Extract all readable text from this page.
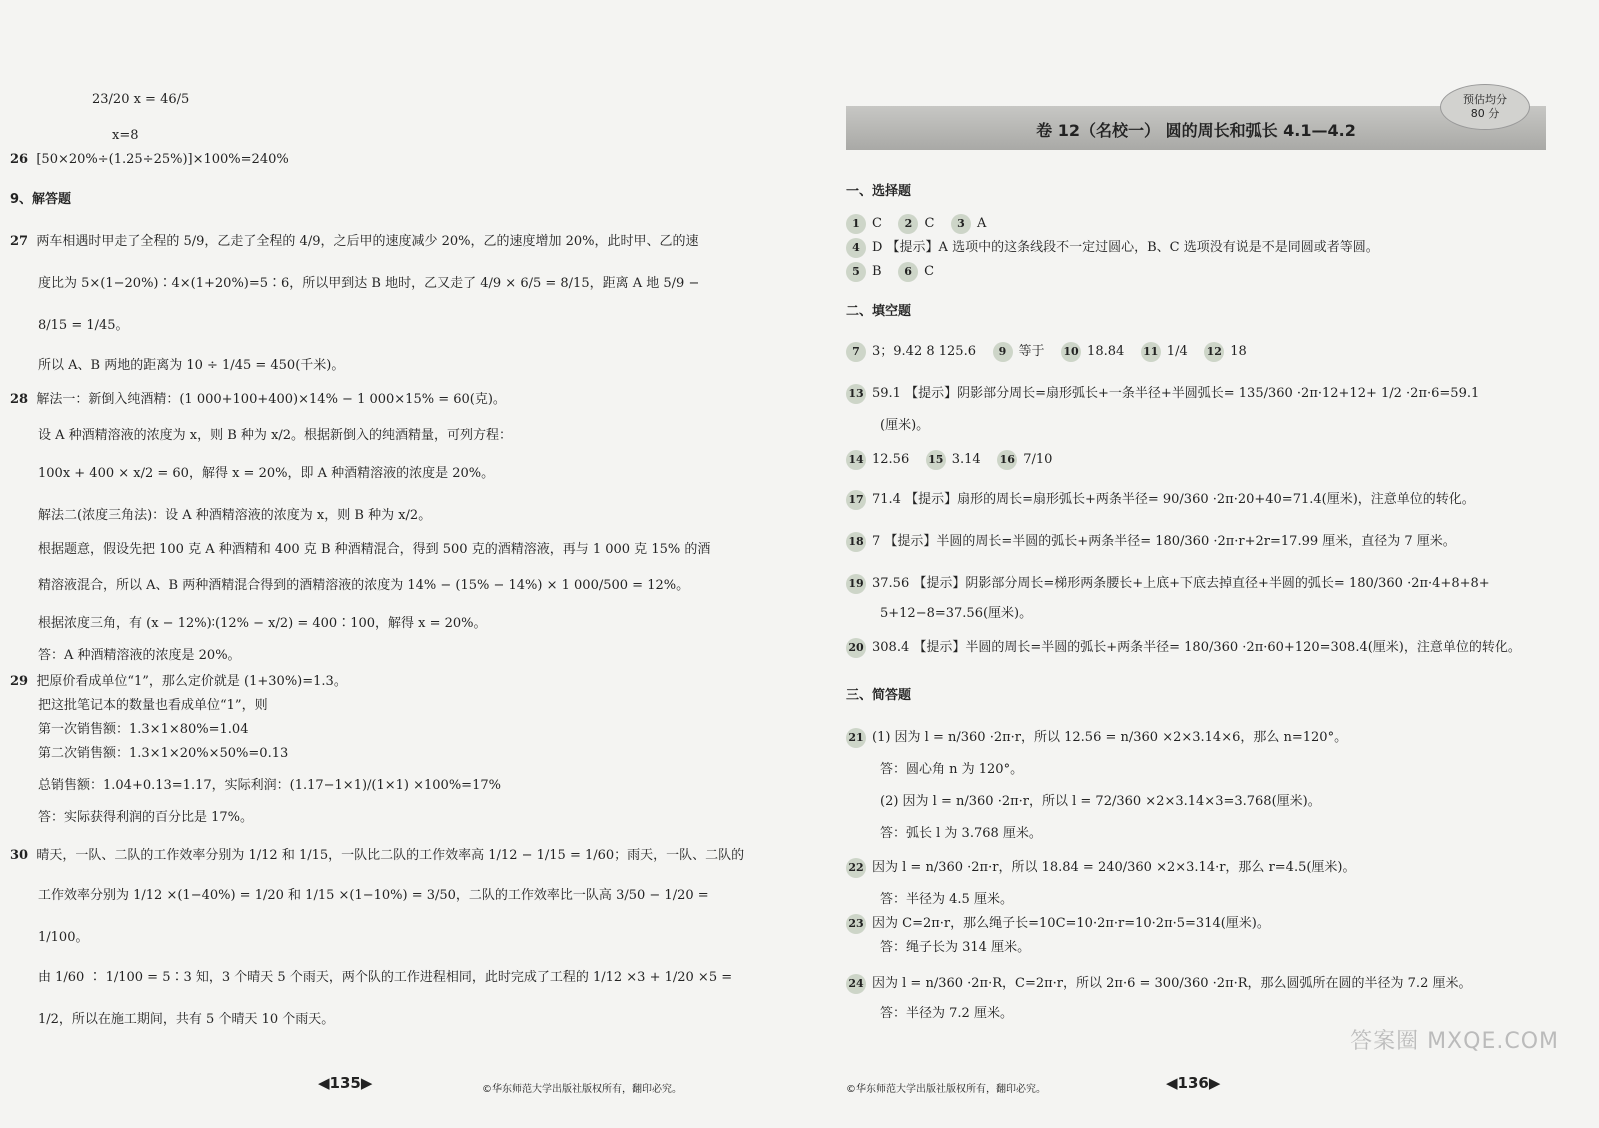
23/20 x = 46/5
x=8
26 [50×20%÷(1.25÷25%)]×100%=240%
9、解答题
27 两车相遇时甲走了全程的 5/9，乙走了全程的 4/9，之后甲的速度减少 20%，乙的速度增加 20%，此时甲、乙的速
度比为 5×(1−20%)∶4×(1+20%)=5∶6，所以甲到达 B 地时，乙又走了 4/9 × 6/5 = 8/15，距离 A 地 5/9 −
8/15 = 1/45。
所以 A、B 两地的距离为 10 ÷ 1/45 = 450(千米)。
28 解法一：新倒入纯酒精：(1 000+100+400)×14% − 1 000×15% = 60(克)。
设 A 种酒精溶液的浓度为 x，则 B 种为 x/2。根据新倒入的纯酒精量，可列方程：
100x + 400 × x/2 = 60，解得 x = 20%，即 A 种酒精溶液的浓度是 20%。
解法二(浓度三角法)：设 A 种酒精溶液的浓度为 x，则 B 种为 x/2。
根据题意，假设先把 100 克 A 种酒精和 400 克 B 种酒精混合，得到 500 克的酒精溶液，再与 1 000 克 15% 的酒
精溶液混合，所以 A、B 两种酒精混合得到的酒精溶液的浓度为 14% − (15% − 14%) × 1 000/500 = 12%。
根据浓度三角，有 (x − 12%)∶(12% − x/2) = 400∶100，解得 x = 20%。
答：A 种酒精溶液的浓度是 20%。
29 把原价看成单位“1”，那么定价就是 (1+30%)=1.3。
把这批笔记本的数量也看成单位“1”，则
第一次销售额：1.3×1×80%=1.04
第二次销售额：1.3×1×20%×50%=0.13
总销售额：1.04+0.13=1.17，实际利润：(1.17−1×1)/(1×1) ×100%=17%
答：实际获得利润的百分比是 17%。
30 晴天，一队、二队的工作效率分别为 1/12 和 1/15，一队比二队的工作效率高 1/12 − 1/15 = 1/60；雨天，一队、二队的
工作效率分别为 1/12 ×(1−40%) = 1/20 和 1/15 ×(1−10%) = 3/50，二队的工作效率比一队高 3/50 − 1/20 =
1/100。
由 1/60 ∶ 1/100 = 5∶3 知，3 个晴天 5 个雨天，两个队的工作进程相同，此时完成了工程的 1/12 ×3 + 1/20 ×5 =
1/2，所以在施工期间，共有 5 个晴天 10 个雨天。
◀135▶	©华东师范大学出版社版权所有，翻印必究。
卷 12（名校一） 圆的周长和弧长 4.1—4.2
预估均分
80 分
一、选择题
1 C 2 C 3 A
4 D 【提示】A 选项中的这条线段不一定过圆心，B、C 选项没有说是不是同圆或者等圆。
5 B 6 C
二、填空题
7 3；9.42 8 125.6 9 等于 10 18.84 11 1/4 12 18
13 59.1 【提示】阴影部分周长=扇形弧长+一条半径+半圆弧长= 135/360 ·2π·12+12+ 1/2 ·2π·6=59.1
(厘米)。
14 12.56 15 3.14 16 7/10
17 71.4 【提示】扇形的周长=扇形弧长+两条半径= 90/360 ·2π·20+40=71.4(厘米)，注意单位的转化。
18 7 【提示】半圆的周长=半圆的弧长+两条半径= 180/360 ·2π·r+2r=17.99 厘米，直径为 7 厘米。
19 37.56 【提示】阴影部分周长=梯形两条腰长+上底+下底去掉直径+半圆的弧长= 180/360 ·2π·4+8+8+
5+12−8=37.56(厘米)。
20 308.4 【提示】半圆的周长=半圆的弧长+两条半径= 180/360 ·2π·60+120=308.4(厘米)，注意单位的转化。
三、简答题
21 (1) 因为 l = n/360 ·2π·r，所以 12.56 = n/360 ×2×3.14×6，那么 n=120°。
答：圆心角 n 为 120°。
(2) 因为 l = n/360 ·2π·r，所以 l = 72/360 ×2×3.14×3=3.768(厘米)。
答：弧长 l 为 3.768 厘米。
22 因为 l = n/360 ·2π·r，所以 18.84 = 240/360 ×2×3.14·r，那么 r=4.5(厘米)。
答：半径为 4.5 厘米。
23 因为 C=2π·r，那么绳子长=10C=10·2π·r=10·2π·5=314(厘米)。
答：绳子长为 314 厘米。
24 因为 l = n/360 ·2π·R，C=2π·r，所以 2π·6 = 300/360 ·2π·R，那么圆弧所在圆的半径为 7.2 厘米。
答：半径为 7.2 厘米。
©华东师范大学出版社版权所有，翻印必究。	◀136▶
答案圈 MXQE.COM
